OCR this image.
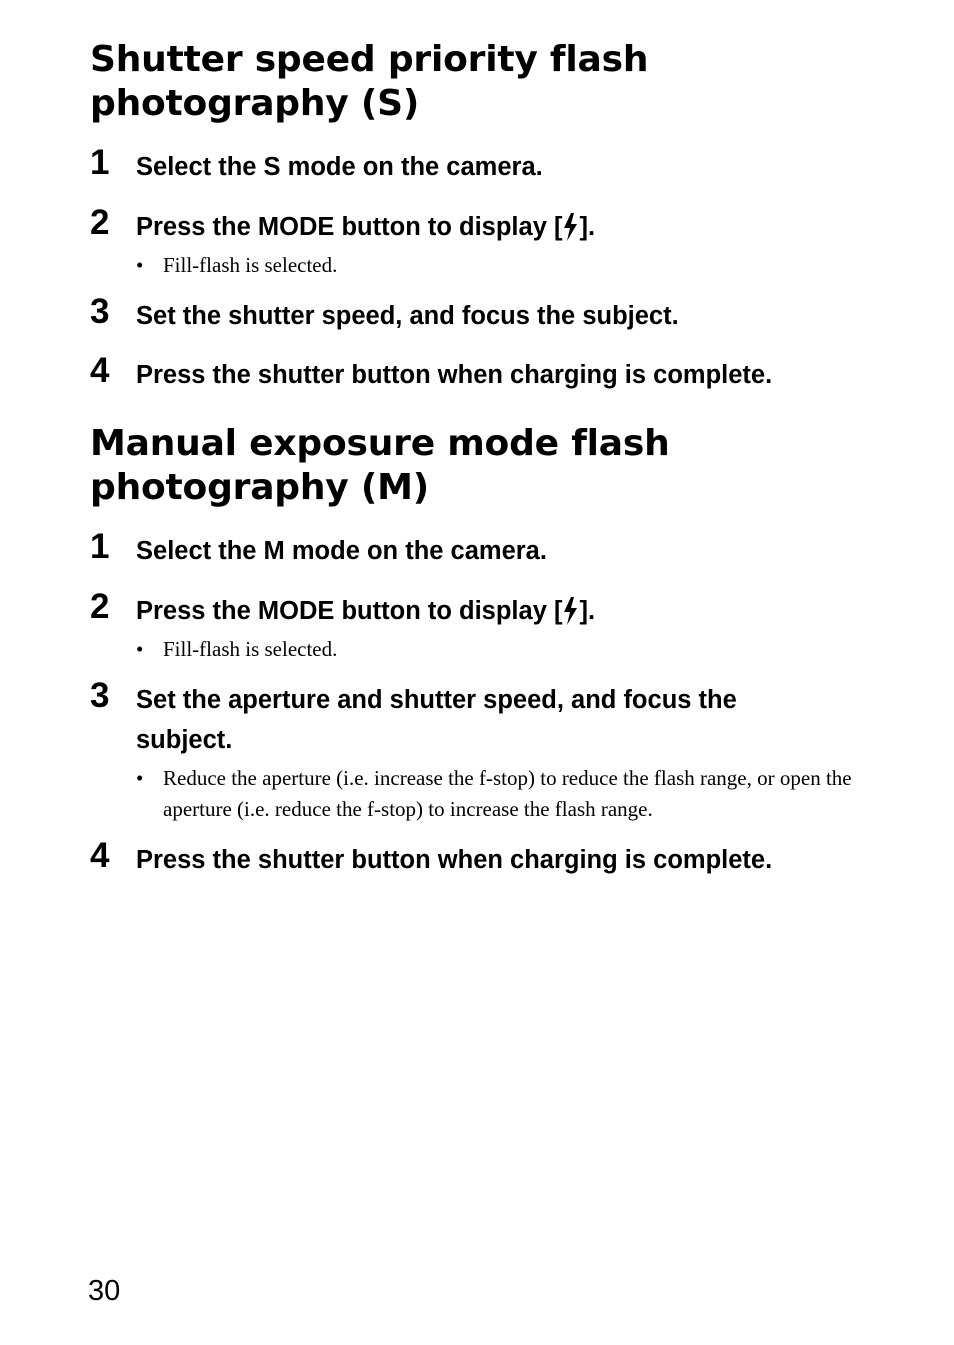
Shutter speed priority flash photography (S)
1 Select the S mode on the camera.
2 Press the MODE button to display [ ].
• Fill-flash is selected.
3 Set the shutter speed, and focus the subject.
4 Press the shutter button when charging is complete.
Manual exposure mode flash photography (M)
1 Select the M mode on the camera.
2 Press the MODE button to display [ ].
• Fill-flash is selected.
3 Set the aperture and shutter speed, and focus the subject.
• Reduce the aperture (i.e. increase the f-stop) to reduce the flash range, or open the aperture (i.e. reduce the f-stop) to increase the flash range.
4 Press the shutter button when charging is complete.
30
